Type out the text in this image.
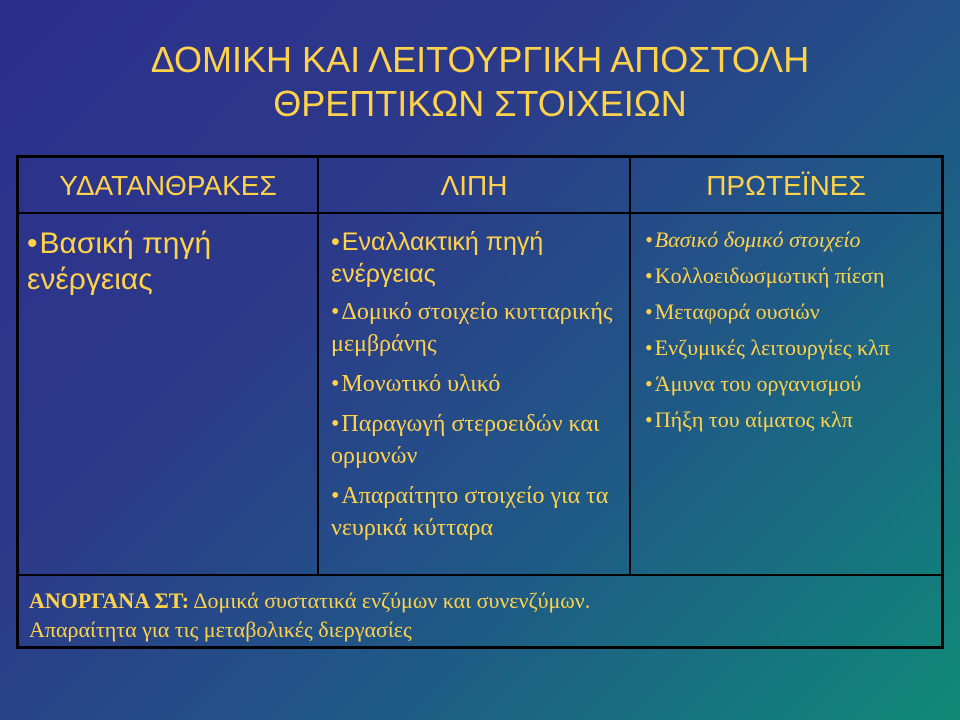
ΔΟΜΙΚΗ ΚΑΙ ΛΕΙΤΟΥΡΓΙΚΗ ΑΠΟΣΤΟΛΗ
ΘΡΕΠΤΙΚΩΝ ΣΤΟΙΧΕΙΩΝ
ΥΔΑΤΑΝΘΡΑΚΕΣ	ΛΙΠΗ	ΠΡΩΤΕΪΝΕΣ
• Βασική πηγή ενέργειας
• Εναλλακτική πηγή ενέργειας
• Δομικό στοιχείο κυτταρικής μεμβράνης
• Μονωτικό υλικό
• Παραγωγή στεροειδών και ορμονών
• Απαραίτητο στοιχείο για τα νευρικά κύτταρα
• Βασικό δομικό στοιχείο
• Κολλοειδωσμωτική πίεση
• Μεταφορά ουσιών
• Ενζυμικές λειτουργίες κλπ
• Άμυνα του οργανισμού
• Πήξη του αίματος κλπ
ΑΝΟΡΓΑΝΑ ΣΤ: Δομικά συστατικά ενζύμων και συνενζύμων.
Απαραίτητα για τις μεταβολικές διεργασίες
